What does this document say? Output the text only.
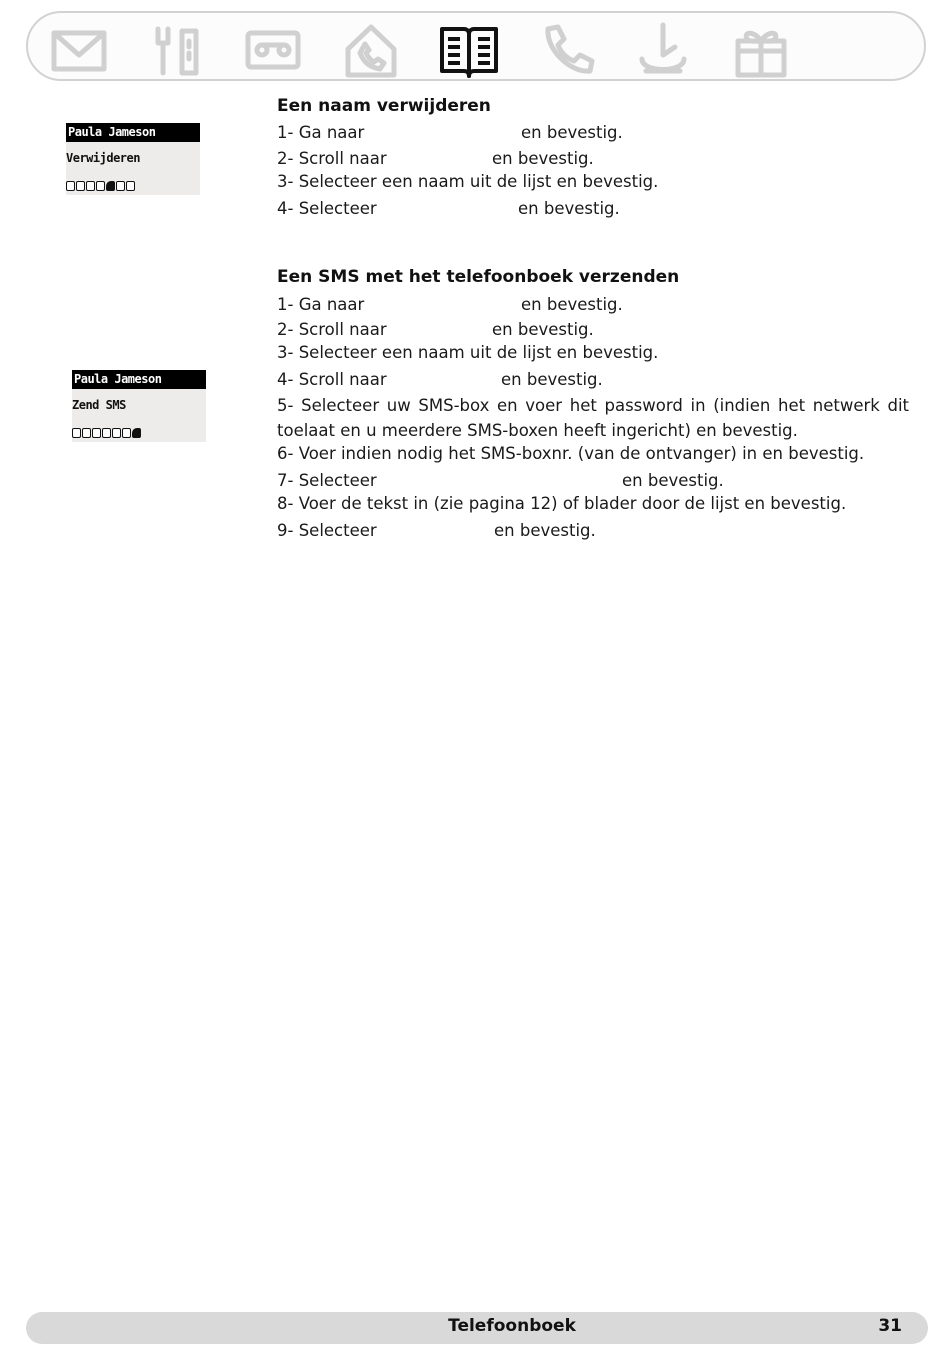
Een naam verwijderen
Paula Jameson
Verwijderen
1- Ga naar	en bevestig.
2- Scroll naar	en bevestig.
3- Selecteer een naam uit de lijst en bevestig.
4- Selecteer	en bevestig.
Een SMS met het telefoonboek verzenden
Paula Jameson
Zend SMS
1- Ga naar	en bevestig.
2- Scroll naar	en bevestig.
3- Selecteer een naam uit de lijst en bevestig.
4- Scroll naar	en bevestig.
5- Selecteer uw SMS-box en voer het password in (indien het netwerk dit toelaat en u meerdere SMS-boxen heeft ingericht) en bevestig.
6- Voer indien nodig het SMS-boxnr. (van de ontvanger) in en bevestig.
7- Selecteer	en bevestig.
8- Voer de tekst in (zie pagina 12) of blader door de lijst en bevestig.
9- Selecteer	en bevestig.
Telefoonboek	31
